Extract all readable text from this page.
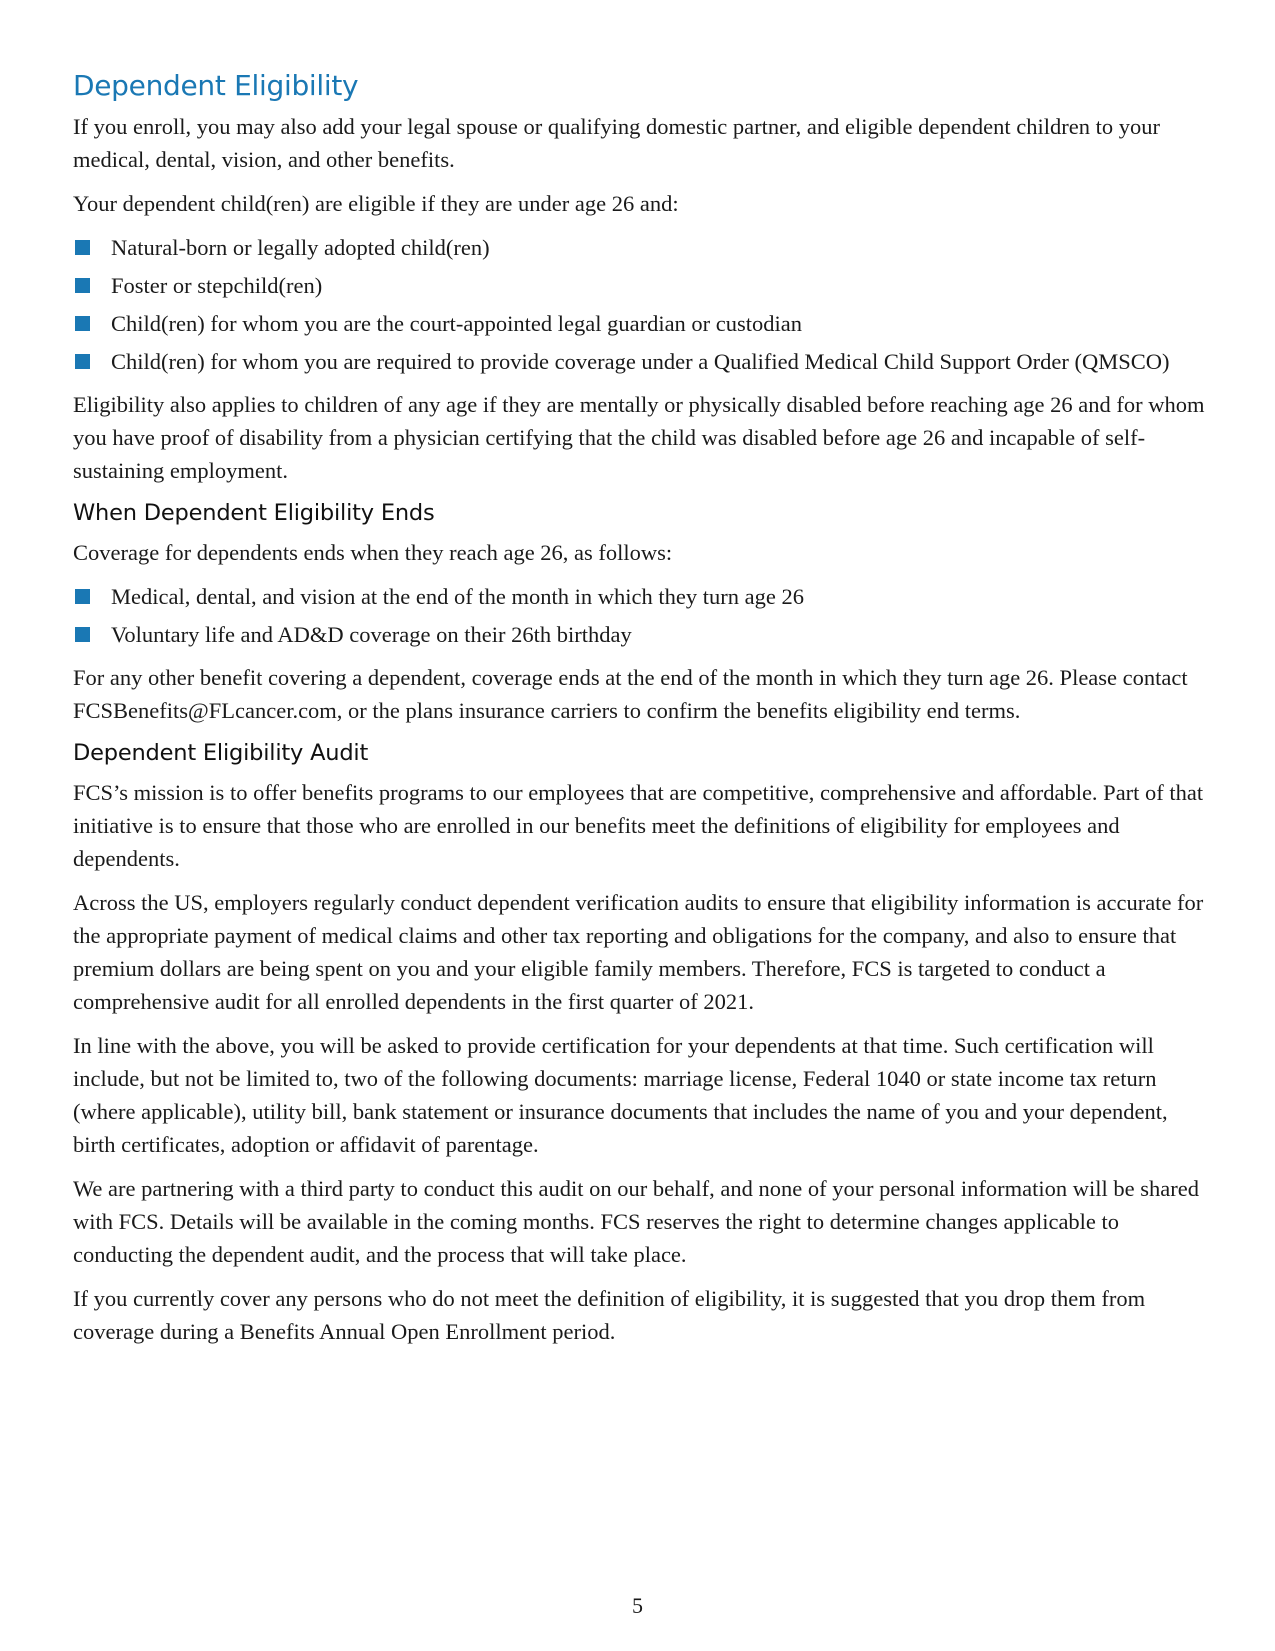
Dependent Eligibility

If you enroll, you may also add your legal spouse or qualifying domestic partner, and eligible dependent children to your medical, dental, vision, and other benefits.

Your dependent child(ren) are eligible if they are under age 26 and:

Natural-born or legally adopted child(ren)
Foster or stepchild(ren)
Child(ren) for whom you are the court-appointed legal guardian or custodian
Child(ren) for whom you are required to provide coverage under a Qualified Medical Child Support Order (QMSCO)

Eligibility also applies to children of any age if they are mentally or physically disabled before reaching age 26 and for whom you have proof of disability from a physician certifying that the child was disabled before age 26 and incapable of self-sustaining employment.

When Dependent Eligibility Ends

Coverage for dependents ends when they reach age 26, as follows:

Medical, dental, and vision at the end of the month in which they turn age 26
Voluntary life and AD&D coverage on their 26th birthday

For any other benefit covering a dependent, coverage ends at the end of the month in which they turn age 26. Please contact FCSBenefits@FLcancer.com, or the plans insurance carriers to confirm the benefits eligibility end terms.

Dependent Eligibility Audit

FCS’s mission is to offer benefits programs to our employees that are competitive, comprehensive and affordable. Part of that initiative is to ensure that those who are enrolled in our benefits meet the definitions of eligibility for employees and dependents.

Across the US, employers regularly conduct dependent verification audits to ensure that eligibility information is accurate for the appropriate payment of medical claims and other tax reporting and obligations for the company, and also to ensure that premium dollars are being spent on you and your eligible family members. Therefore, FCS is targeted to conduct a comprehensive audit for all enrolled dependents in the first quarter of 2021.

In line with the above, you will be asked to provide certification for your dependents at that time. Such certification will include, but not be limited to, two of the following documents: marriage license, Federal 1040 or state income tax return (where applicable), utility bill, bank statement or insurance documents that includes the name of you and your dependent, birth certificates, adoption or affidavit of parentage.

We are partnering with a third party to conduct this audit on our behalf, and none of your personal information will be shared with FCS. Details will be available in the coming months. FCS reserves the right to determine changes applicable to conducting the dependent audit, and the process that will take place.

If you currently cover any persons who do not meet the definition of eligibility, it is suggested that you drop them from coverage during a Benefits Annual Open Enrollment period.

5
